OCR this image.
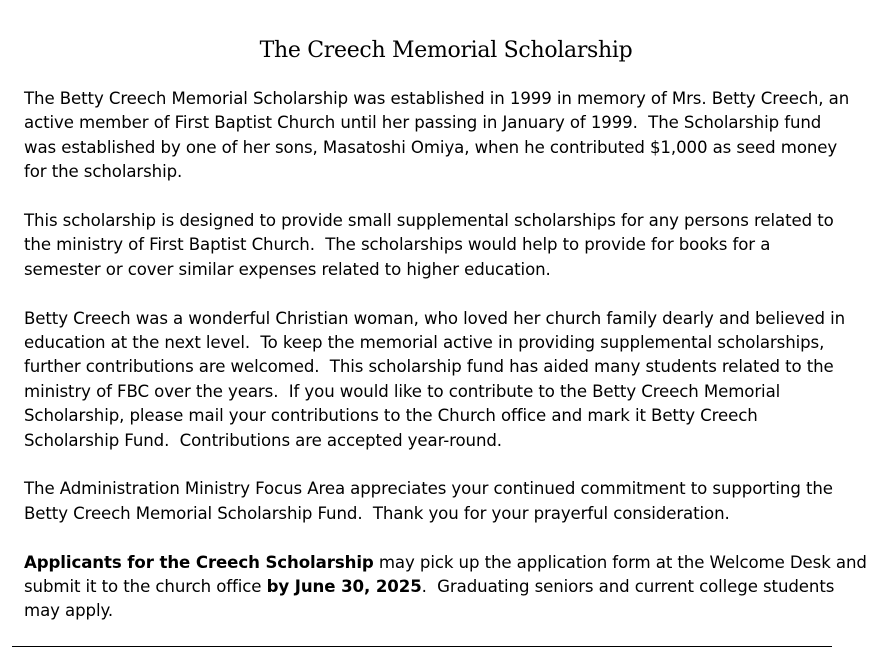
The Creech Memorial Scholarship
The Betty Creech Memorial Scholarship was established in 1999 in memory of Mrs. Betty Creech, an
active member of First Baptist Church until her passing in January of 1999.  The Scholarship fund
was established by one of her sons, Masatoshi Omiya, when he contributed $1,000 as seed money
for the scholarship.
This scholarship is designed to provide small supplemental scholarships for any persons related to
the ministry of First Baptist Church.  The scholarships would help to provide for books for a
semester or cover similar expenses related to higher education.
Betty Creech was a wonderful Christian woman, who loved her church family dearly and believed in
education at the next level.  To keep the memorial active in providing supplemental scholarships,
further contributions are welcomed.  This scholarship fund has aided many students related to the
ministry of FBC over the years.  If you would like to contribute to the Betty Creech Memorial
Scholarship, please mail your contributions to the Church office and mark it Betty Creech
Scholarship Fund.  Contributions are accepted year-round.
The Administration Ministry Focus Area appreciates your continued commitment to supporting the
Betty Creech Memorial Scholarship Fund.  Thank you for your prayerful consideration.
Applicants for the Creech Scholarship may pick up the application form at the Welcome Desk and
submit it to the church office by June 30, 2025.  Graduating seniors and current college students
may apply.
